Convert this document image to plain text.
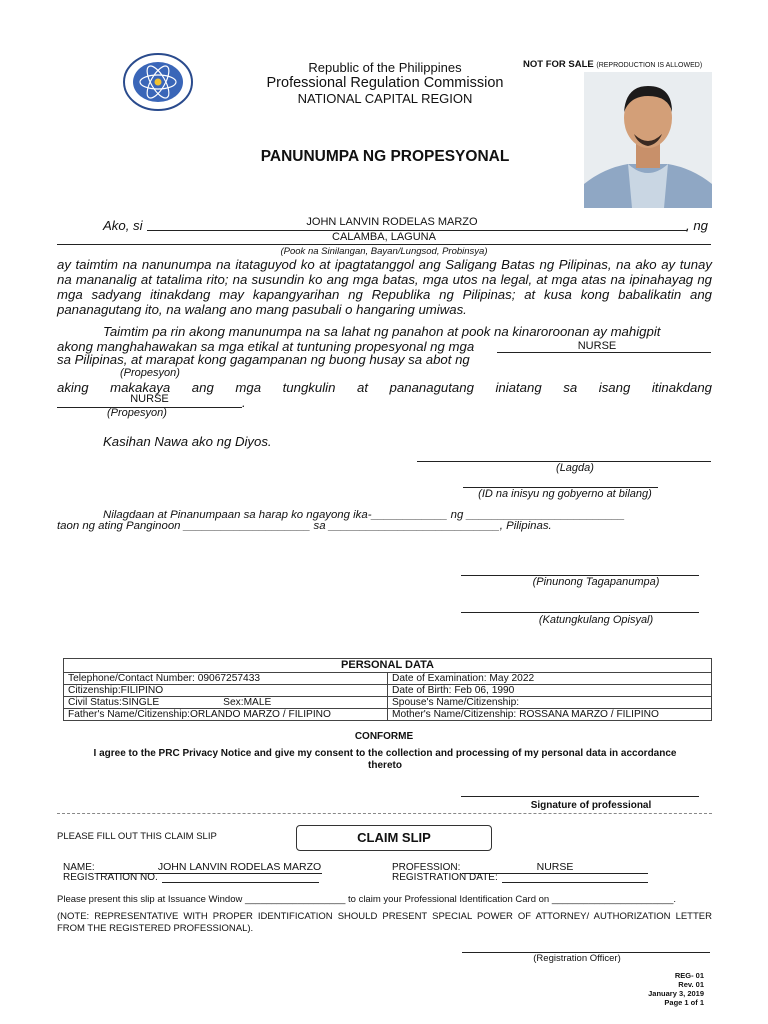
Republic of the Philippines
Professional Regulation Commission
NATIONAL CAPITAL REGION
NOT FOR SALE (REPRODUCTION IS ALLOWED)
PANUNUMPA NG PROPESYONAL
Ako, si	JOHN LANVIN RODELAS MARZO	, ng
CALAMBA, LAGUNA
(Pook na Sinilangan, Bayan/Lungsod, Probinsya)
ay taimtim na nanunumpa na itataguyod ko at ipagtatanggol ang Saligang Batas ng Pilipinas, na ako ay tunay na mananalig at tatalima rito; na susundin ko ang mga batas, mga utos na legal, at mga atas na ipinahayag ng mga sadyang itinakdang may kapangyarihan ng Republika ng Pilipinas; at kusa kong babalikatin ang pananagutang ito, na walang ano mang pasubali o hangaring umiwas.
Taimtim pa rin akong manunumpa na sa lahat ng panahon at pook na kinaroroonan ay mahigpit
akong manghahawakan sa mga etikal at tuntuning propesyonal ng mga	NURSE
sa Pilipinas, at marapat kong gagampanan ng buong husay sa abot ng
(Propesyon)
aking makakaya ang mga tungkulin at pananagutang iniatang sa isang itinakdang
NURSE	.
(Propesyon)
Kasihan Nawa ako ng Diyos.
(Lagda)
(ID na inisyu ng gobyerno at bilang)
Nilagdaan at Pinanumpaan sa harap ko ngayong ika-____________ ng _________________________
taon ng ating Panginoon ____________________ sa ___________________________, Pilipinas.
(Pinunong Tagapanumpa)
(Katungkulang Opisyal)
PERSONAL DATA	
Telephone/Contact Number: 09067257433	Date of Examination: May 2022
Citizenship:FILIPINO	Date of Birth: Feb 06, 1990
Civil Status:SINGLE Sex:MALE	Spouse's Name/Citizenship:
Father's Name/Citizenship:ORLANDO MARZO / FILIPINO	Mother's Name/Citizenship: ROSSANA MARZO / FILIPINO
CONFORME
I agree to the PRC Privacy Notice and give my consent to the collection and processing of my personal data in accordance thereto
Signature of professional
PLEASE FILL OUT THIS CLAIM SLIP	CLAIM SLIP
NAME:	JOHN LANVIN RODELAS MARZO	PROFESSION:	NURSE
REGISTRATION NO.	REGISTRATION DATE:
Please present this slip at Issuance Window ___________________ to claim your Professional Identification Card on _______________________.
(NOTE: REPRESENTATIVE WITH PROPER IDENTIFICATION SHOULD PRESENT SPECIAL POWER OF ATTORNEY/ AUTHORIZATION LETTER FROM THE REGISTERED PROFESSIONAL).
(Registration Officer)
REG- 01
Rev. 01
January 3, 2019
Page 1 of 1
